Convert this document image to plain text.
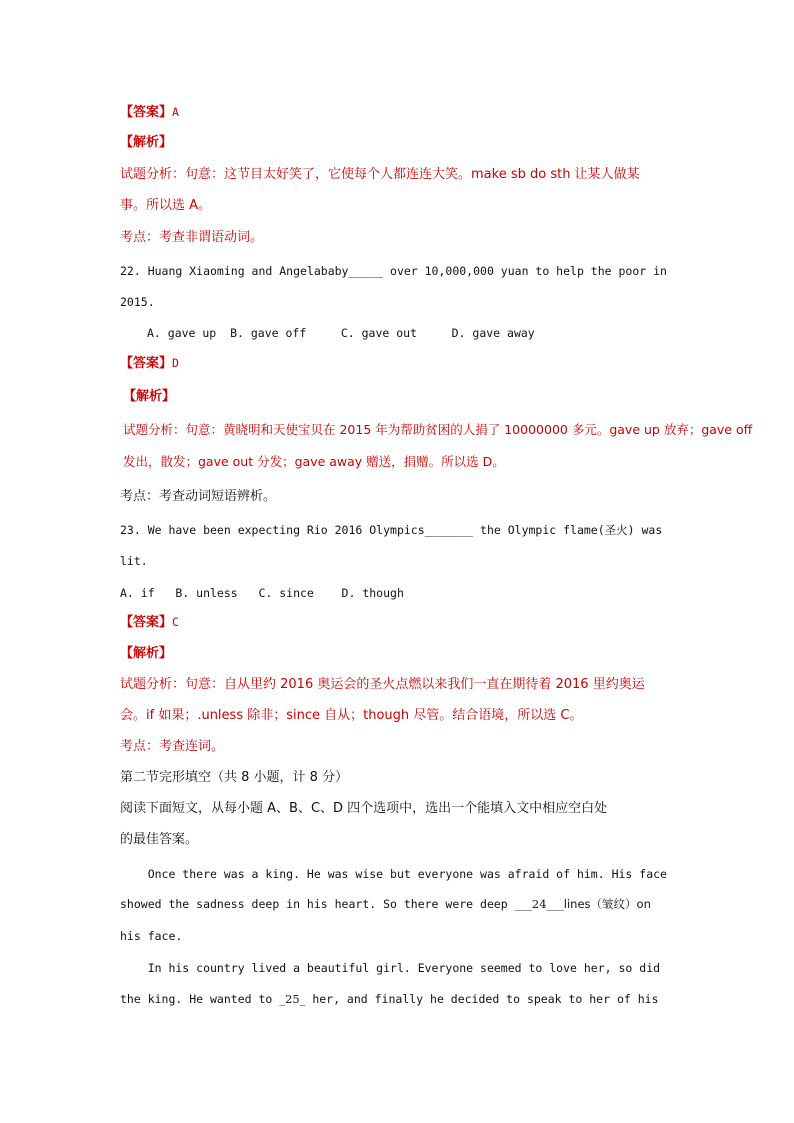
【答案】A
【解析】
试题分析：句意：这节目太好笑了，它使每个人都连连大笑。make sb do sth 让某人做某
事。所以选 A。
考点：考查非谓语动词。
22. Huang Xiaoming and Angelababy_____ over 10,000,000 yuan to help the poor in
2015.
A. gave up  B. gave off     C. gave out     D. gave away
【答案】D
【解析】
试题分析：句意：黄晓明和天使宝贝在 2015 年为帮助贫困的人捐了 10000000 多元。gave up 放弃；gave off
发出，散发；gave out 分发；gave away 赠送，捐赠。所以选 D。
考点：考查动词短语辨析。
23. We have been expecting Rio 2016 Olympics_______ the Olympic flame(圣火) was
lit.
A. if   B. unless   C. since    D. though
【答案】C
【解析】
试题分析：句意：自从里约 2016 奥运会的圣火点燃以来我们一直在期待着 2016 里约奥运
会。if 如果；.unless 除非；since 自从；though 尽管。结合语境，所以选 C。
考点：考查连词。
第二节完形填空（共 8 小题，计 8 分）
阅读下面短文，从每小题 A、B、C、D 四个选项中，选出一个能填入文中相应空白处
的最佳答案。
Once there was a king. He was wise but everyone was afraid of him. His face
showed the sadness deep in his heart. So there were deep ___24___lines（皱纹）on
his face.
In his country lived a beautiful girl. Everyone seemed to love her, so did
the king. He wanted to _25_ her, and finally he decided to speak to her of his
